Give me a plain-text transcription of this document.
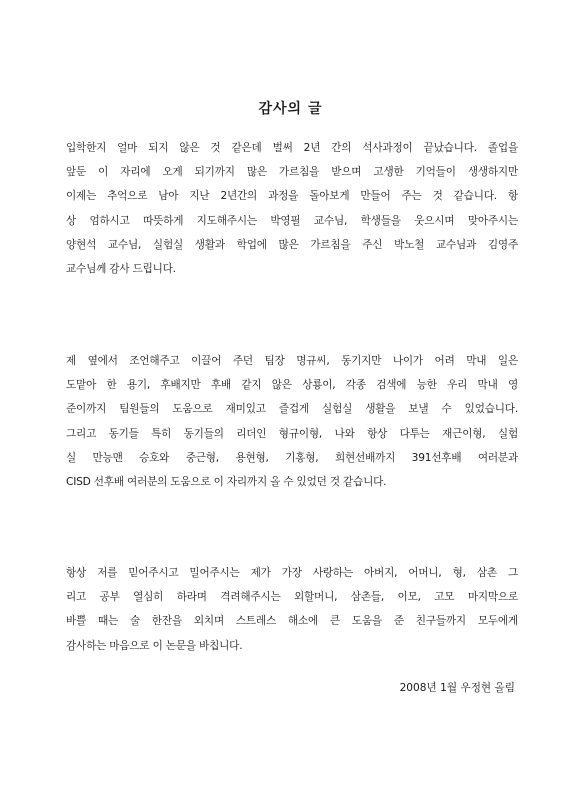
감사의 글
입학한지 얼마 되지 않은 것 같은데 벌써 2년 간의 석사과정이 끝났습니다. 졸업을
앞둔 이 자리에 오게 되기까지 많은 가르침을 받으며 고생한 기억들이 생생하지만
이제는 추억으로 남아 지난 2년간의 과정을 돌아보게 만들어 주는 것 같습니다. 항
상 엄하시고 따뜻하게 지도해주시는 박영필 교수님, 학생들을 웃으시며 맞아주시는
양현석 교수님, 실험실 생활과 학업에 많은 가르침을 주신 박노철 교수님과 김영주
교수님께 감사 드립니다.
제 옆에서 조언해주고 이끌어 주던 팀장 명규씨, 동기지만 나이가 어려 막내 일은
도맡아 한 용기, 후배지만 후배 같지 않은 상룡이, 각종 검색에 능한 우리 막내 영
준이까지 팀원들의 도움으로 재미있고 즐겁게 실험실 생활을 보낼 수 있었습니다.
그리고 동기들 특히 동기들의 리더인 형규이형, 나와 항상 다투는 재근이형, 실험
실 만능맨 승호와 중근형, 용현형, 기홍형, 희현선배까지 391선후배 여러분과
CISD 선후배 여러분의 도움으로 이 자리까지 올 수 있었던 것 같습니다.
항상 저를 믿어주시고 밀어주시는 제가 가장 사랑하는 아버지, 어머니, 형, 삼촌 그
리고 공부 열심히 하라며 격려해주시는 외할머니, 삼촌들, 이모, 고모 마지막으로
바쁠 때는 술 한잔을 외치며 스트레스 해소에 큰 도움을 준 친구들까지 모두에게
감사하는 마음으로 이 논문을 바칩니다.
2008년 1월 우정현 올림
